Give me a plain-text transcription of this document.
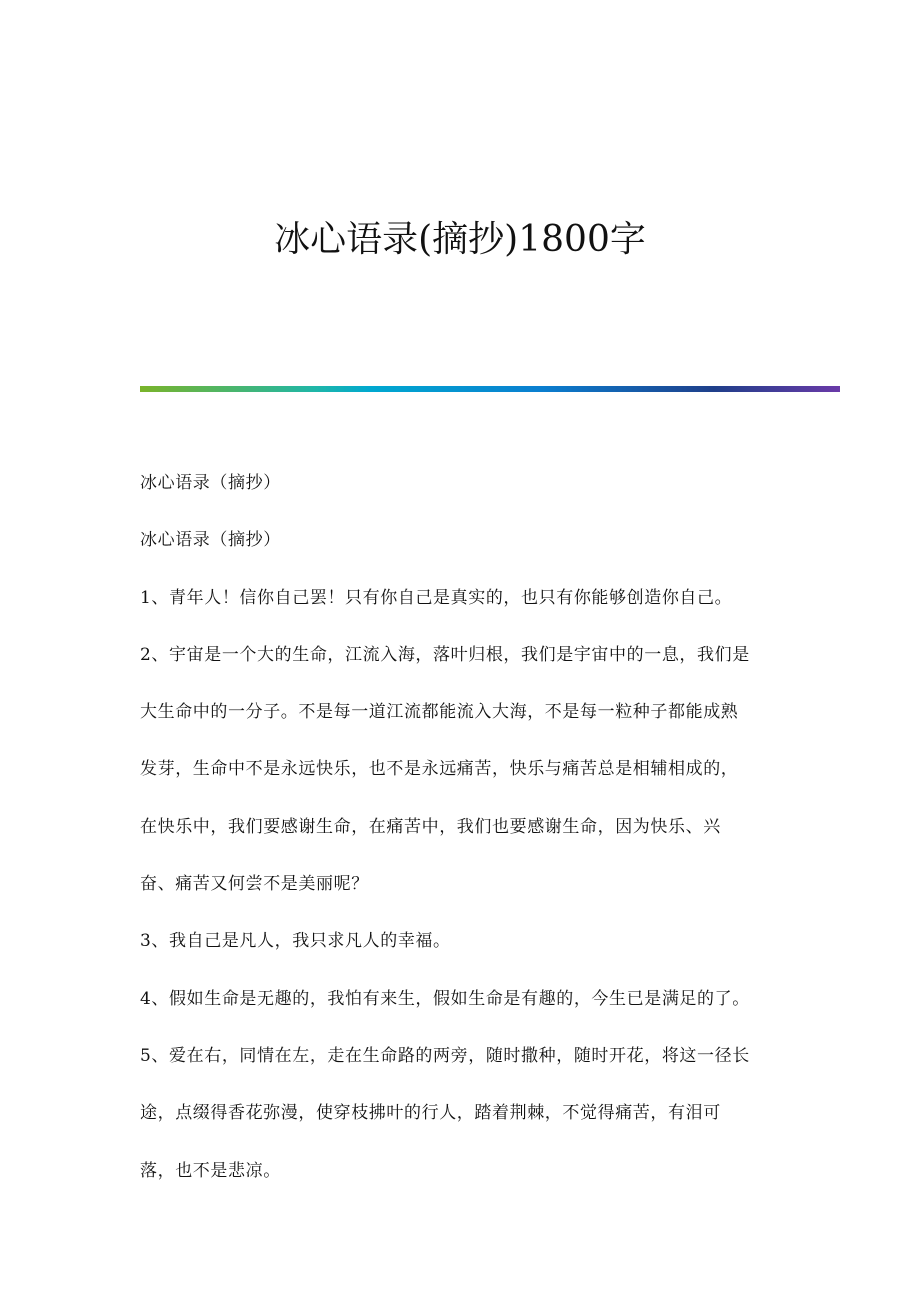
冰心语录(摘抄)1800字
冰心语录（摘抄）
冰心语录（摘抄）
1、青年人！信你自己罢！只有你自己是真实的，也只有你能够创造你自己。
2、宇宙是一个大的生命，江流入海，落叶归根，我们是宇宙中的一息，我们是
大生命中的一分子。不是每一道江流都能流入大海，不是每一粒种子都能成熟
发芽，生命中不是永远快乐，也不是永远痛苦，快乐与痛苦总是相辅相成的，
在快乐中，我们要感谢生命，在痛苦中，我们也要感谢生命，因为快乐、兴
奋、痛苦又何尝不是美丽呢？
3、我自己是凡人，我只求凡人的幸福。
4、假如生命是无趣的，我怕有来生，假如生命是有趣的，今生已是满足的了。
5、爱在右，同情在左，走在生命路的两旁，随时撒种，随时开花，将这一径长
途，点缀得香花弥漫，使穿枝拂叶的行人，踏着荆棘，不觉得痛苦，有泪可
落，也不是悲凉。
